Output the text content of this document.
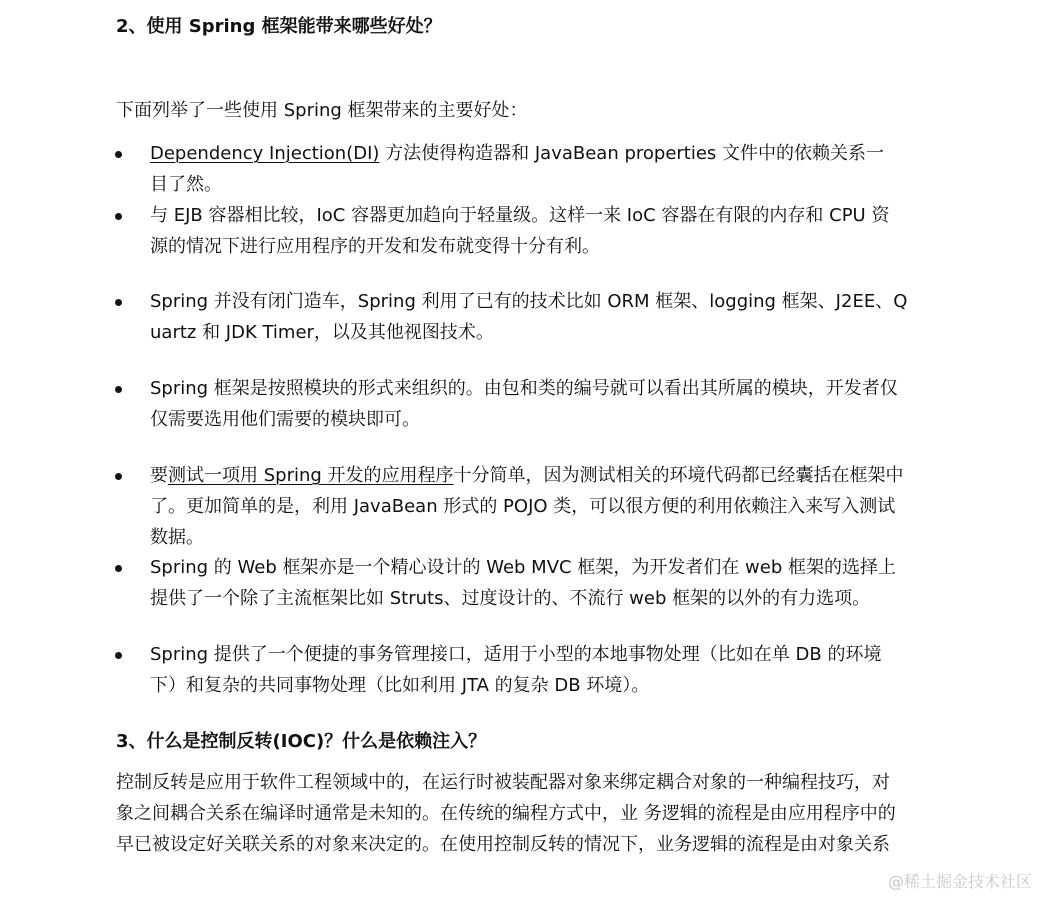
2、使用 Spring 框架能带来哪些好处？
下面列举了一些使用 Spring 框架带来的主要好处：
Dependency Injection(DI) 方法使得构造器和 JavaBean properties 文件中的依赖关系一
目了然。
与 EJB 容器相比较，IoC 容器更加趋向于轻量级。这样一来 IoC 容器在有限的内存和 CPU 资
源的情况下进行应用程序的开发和发布就变得十分有利。
Spring 并没有闭门造车，Spring 利用了已有的技术比如 ORM 框架、logging 框架、J2EE、Q
uartz 和 JDK Timer，以及其他视图技术。
Spring 框架是按照模块的形式来组织的。由包和类的编号就可以看出其所属的模块，开发者仅
仅需要选用他们需要的模块即可。
要测试一项用 Spring 开发的应用程序十分简单，因为测试相关的环境代码都已经囊括在框架中
了。更加简单的是，利用 JavaBean 形式的 POJO 类，可以很方便的利用依赖注入来写入测试
数据。
Spring 的 Web 框架亦是一个精心设计的 Web MVC 框架，为开发者们在 web 框架的选择上
提供了一个除了主流框架比如 Struts、过度设计的、不流行 web 框架的以外的有力选项。
Spring 提供了一个便捷的事务管理接口，适用于小型的本地事物处理（比如在单 DB 的环境
下）和复杂的共同事物处理（比如利用 JTA 的复杂 DB 环境）。
3、什么是控制反转(IOC)？什么是依赖注入？
控制反转是应用于软件工程领域中的，在运行时被装配器对象来绑定耦合对象的一种编程技巧，对
象之间耦合关系在编译时通常是未知的。在传统的编程方式中，业 务逻辑的流程是由应用程序中的
早已被设定好关联关系的对象来决定的。在使用控制反转的情况下，业务逻辑的流程是由对象关系
@稀土掘金技术社区
